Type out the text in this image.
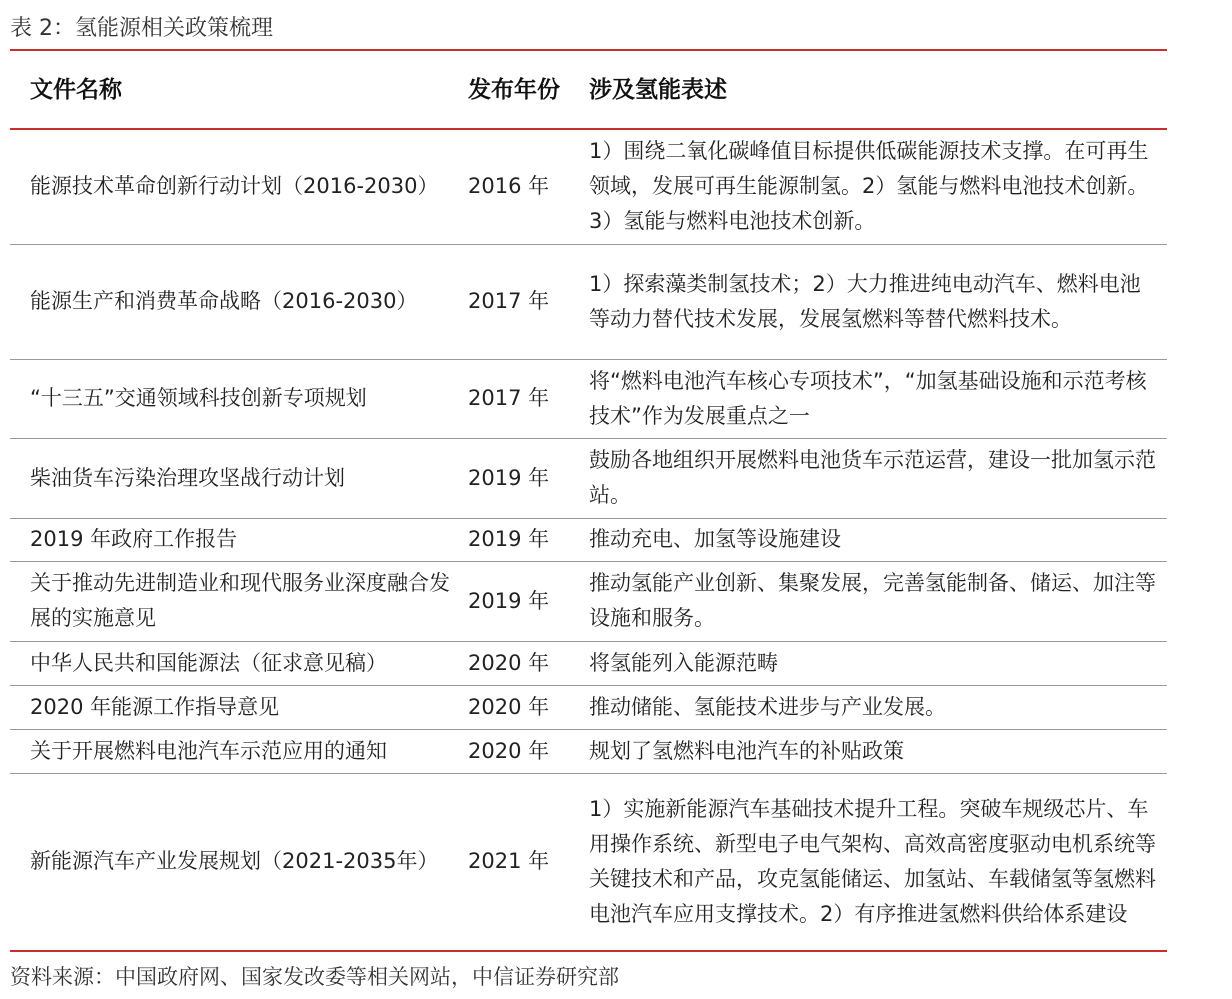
表 2：氢能源相关政策梳理
文件名称	发布年份	涉及氢能表述
能源技术革命创新行动计划（2016-2030）	2016 年	1）围绕二氧化碳峰值目标提供低碳能源技术支撑。在可再生领域，发展可再生能源制氢。2）氢能与燃料电池技术创新。3）氢能与燃料电池技术创新。
能源生产和消费革命战略（2016-2030）	2017 年	1）探索藻类制氢技术；2）大力推进纯电动汽车、燃料电池等动力替代技术发展，发展氢燃料等替代燃料技术。
“十三五”交通领域科技创新专项规划	2017 年	将“燃料电池汽车核心专项技术”，“加氢基础设施和示范考核技术”作为发展重点之一
柴油货车污染治理攻坚战行动计划	2019 年	鼓励各地组织开展燃料电池货车示范运营，建设一批加氢示范站。
2019 年政府工作报告	2019 年	推动充电、加氢等设施建设
关于推动先进制造业和现代服务业深度融合发展的实施意见	2019 年	推动氢能产业创新、集聚发展，完善氢能制备、储运、加注等设施和服务。
中华人民共和国能源法（征求意见稿）	2020 年	将氢能列入能源范畴
2020 年能源工作指导意见	2020 年	推动储能、氢能技术进步与产业发展。
关于开展燃料电池汽车示范应用的通知	2020 年	规划了氢燃料电池汽车的补贴政策
新能源汽车产业发展规划（2021-2035年）	2021 年	1）实施新能源汽车基础技术提升工程。突破车规级芯片、车用操作系统、新型电子电气架构、高效高密度驱动电机系统等关键技术和产品，攻克氢能储运、加氢站、车载储氢等氢燃料电池汽车应用支撑技术。2）有序推进氢燃料供给体系建设
资料来源：中国政府网、国家发改委等相关网站，中信证券研究部
